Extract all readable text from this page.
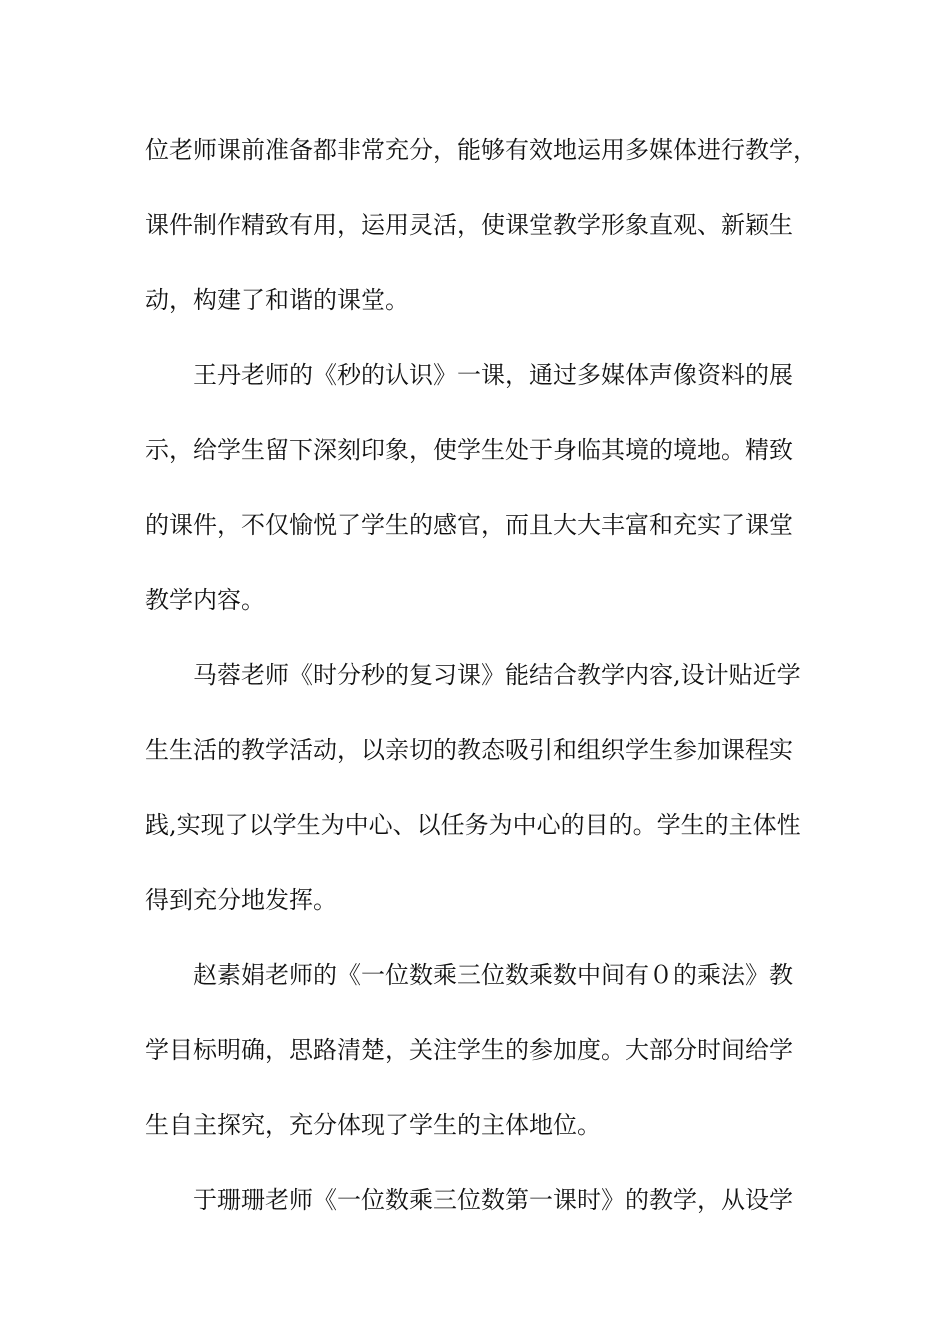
位老师课前准备都非常充分，能够有效地运用多媒体进行教学，
课件制作精致有用，运用灵活，使课堂教学形象直观、新颖生
动，构建了和谐的课堂。
王丹老师的《秒的认识》一课，通过多媒体声像资料的展
示，给学生留下深刻印象，使学生处于身临其境的境地。精致
的课件，不仅愉悦了学生的感官，而且大大丰富和充实了课堂
教学内容。
马蓉老师《时分秒的复习课》能结合教学内容,设计贴近学
生生活的教学活动，以亲切的教态吸引和组织学生参加课程实
践,实现了以学生为中心、以任务为中心的目的。学生的主体性
得到充分地发挥。
赵素娟老师的《一位数乘三位数乘数中间有０的乘法》教
学目标明确，思路清楚，关注学生的参加度。大部分时间给学
生自主探究，充分体现了学生的主体地位。
于珊珊老师《一位数乘三位数第一课时》的教学，从设学
